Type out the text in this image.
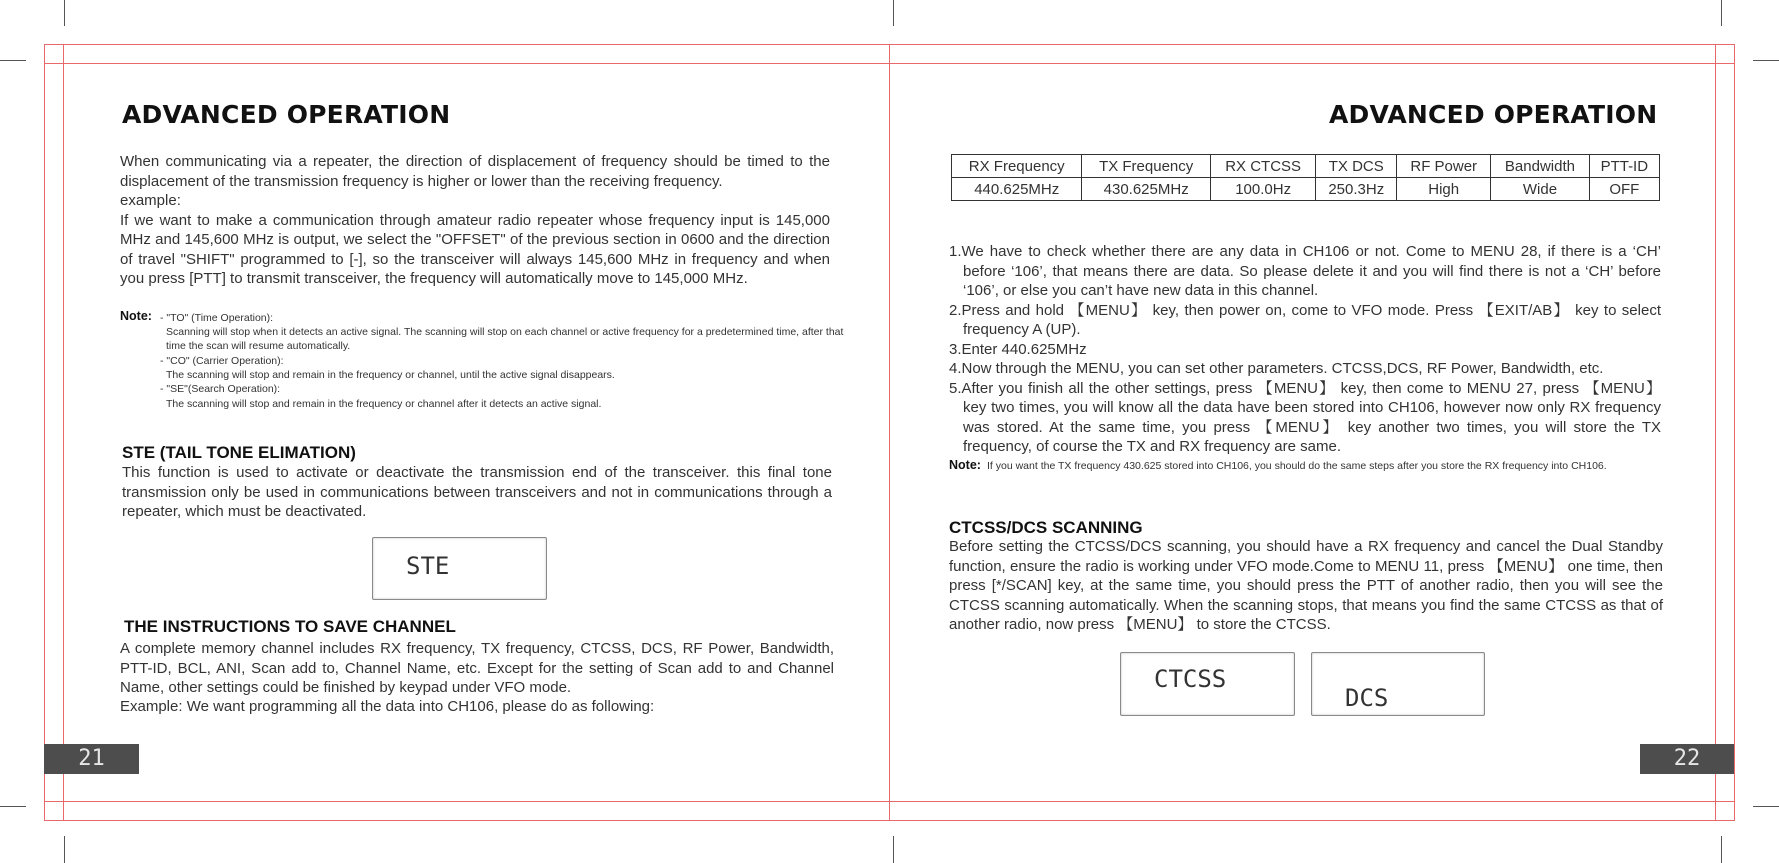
ADVANCED OPERATION
When communicating via a repeater, the direction of displacement of frequency should be timed to the displacement of the transmission frequency is higher or lower than the receiving frequency.
example:
If we want to make a communication through amateur radio repeater whose frequency input is 145,000 MHz and 145,600 MHz is output, we select the "OFFSET" of the previous section in 0600 and the direction of travel "SHIFT" programmed to [-], so the transceiver will always 145,600 MHz in frequency and when you press [PTT] to transmit transceiver, the frequency will automatically move to 145,000 MHz.
Note: - "TO" (Time Operation):
Scanning will stop when it detects an active signal. The scanning will stop on each channel or active frequency for a predetermined time, after that time the scan will resume automatically.
- "CO" (Carrier Operation):
The scanning will stop and remain in the frequency or channel, until the active signal disappears.
- "SE"(Search Operation):
The scanning will stop and remain in the frequency or channel after it detects an active signal.
STE (TAIL TONE ELIMATION)
This function is used to activate or deactivate the transmission end of the transceiver. this final tone transmission only be used in communications between transceivers and not in communications through a repeater, which must be deactivated.
STE
THE INSTRUCTIONS TO SAVE CHANNEL
A complete memory channel includes RX frequency, TX frequency, CTCSS, DCS, RF Power, Bandwidth, PTT-ID, BCL, ANI, Scan add to, Channel Name, etc. Except for the setting of Scan add to and Channel Name, other settings could be finished by keypad under VFO mode.
Example: We want programming all the data into CH106, please do as following:
21
ADVANCED OPERATION
RX Frequency	TX Frequency	RX CTCSS	TX DCS	RF Power	Bandwidth	PTT-ID
440.625MHz	430.625MHz	100.0Hz	250.3Hz	High	Wide	OFF

1.We have to check whether there are any data in CH106 or not. Come to MENU 28, if there is a ‘CH’ before ‘106’, that means there are data. So please delete it and you will find there is not a ‘CH’ before ‘106’, or else you can’t have new data in this channel.

2.Press and hold 【MENU】 key, then power on, come to VFO mode. Press 【EXIT/AB】 key to select frequency A (UP).

3.Enter 440.625MHz

4.Now through the MENU, you can set other parameters. CTCSS,DCS, RF Power, Bandwidth, etc.

5.After you finish all the other settings, press 【MENU】 key, then come to MENU 27, press 【MENU】 key two times, you will know all the data have been stored into CH106, however now only RX frequency was stored. At the same time, you press 【MENU】 key another two times, you will store the TX frequency, of course the TX and RX frequency are same.

Note: If you want the TX frequency 430.625 stored into CH106, you should do the same steps after you store the RX frequency into CH106.
CTCSS/DCS SCANNING
Before setting the CTCSS/DCS scanning, you should have a RX frequency and cancel the Dual Standby function, ensure the radio is working under VFO mode.Come to MENU 11, press 【MENU】 one time, then press [*/SCAN] key, at the same time, you should press the PTT of another radio, then you will see the CTCSS scanning automatically. When the scanning stops, that means you find the same CTCSS as that of another radio, now press 【MENU】 to store the CTCSS.
CTCSS
DCS
22
